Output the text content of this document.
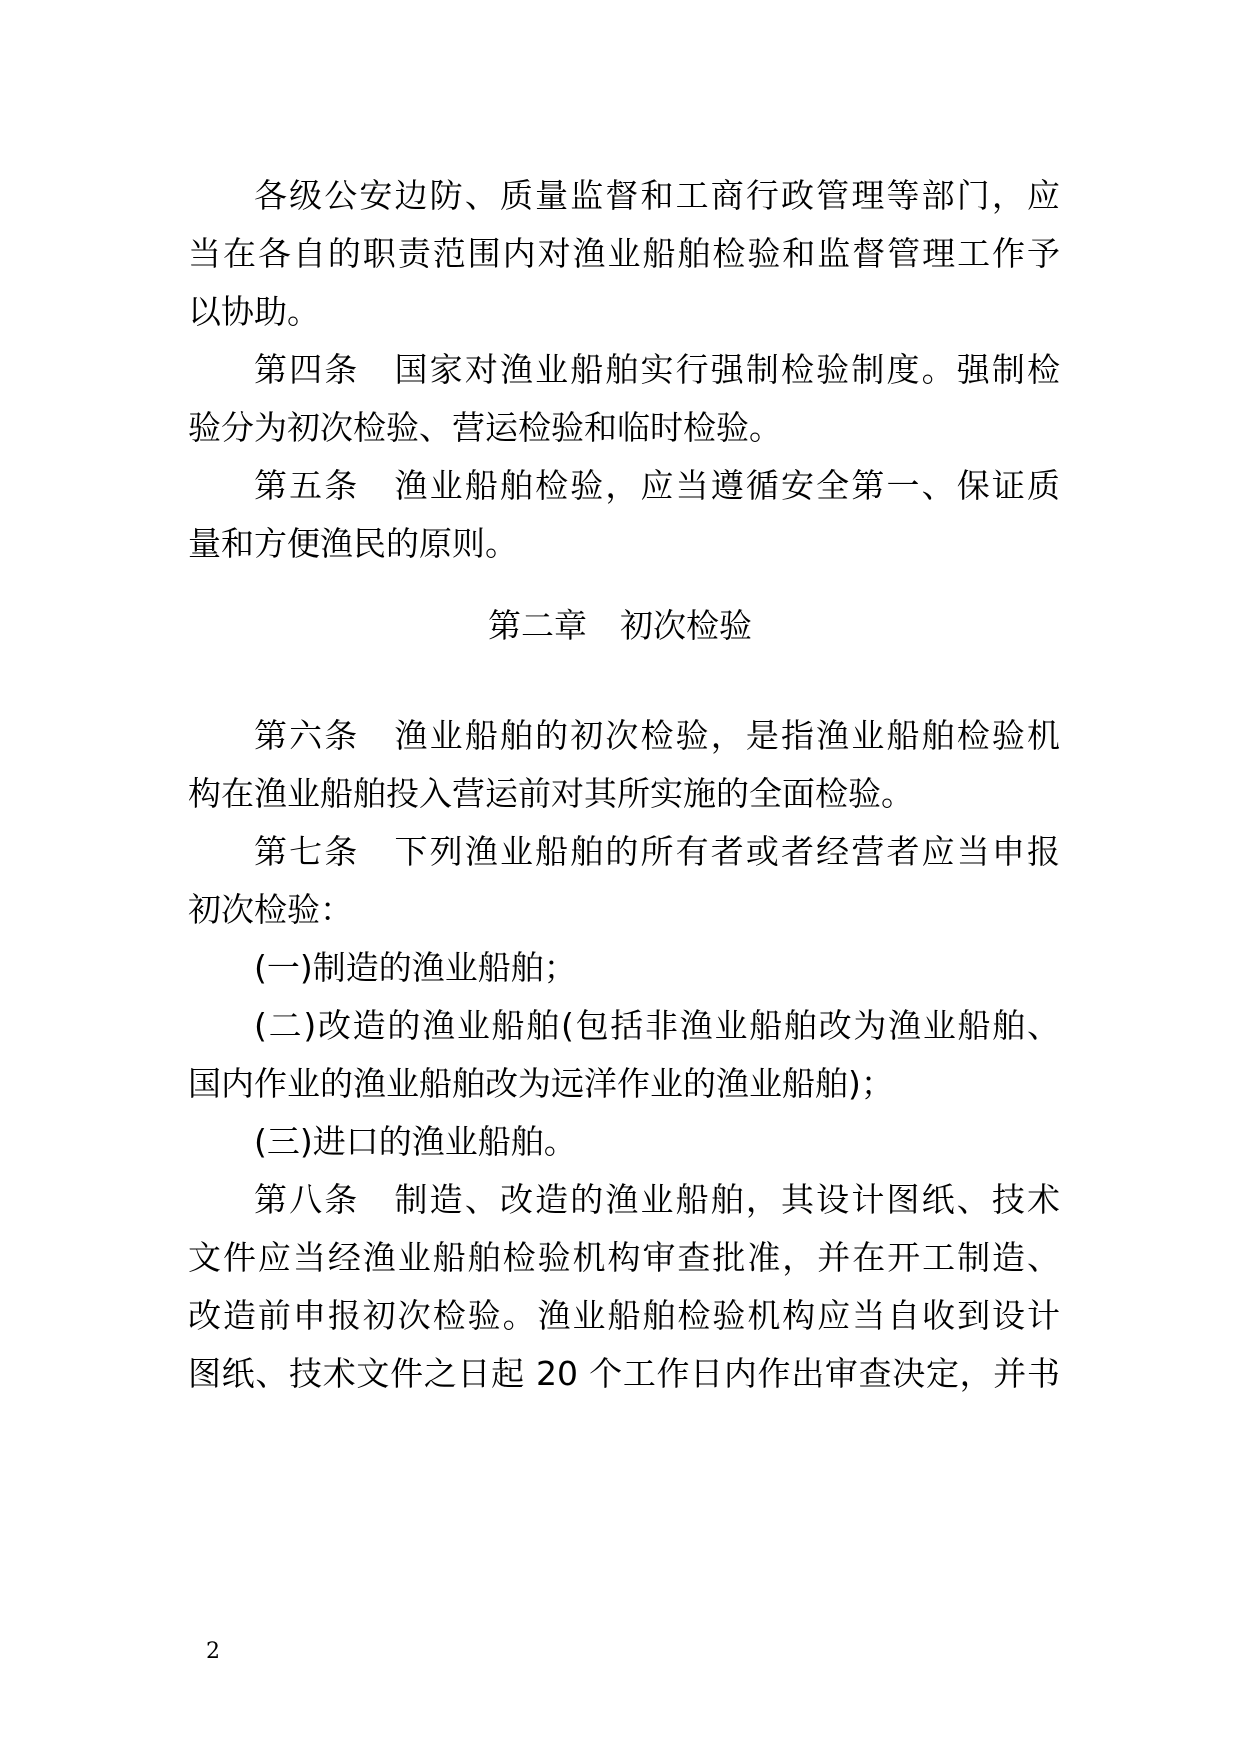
各级公安边防、质量监督和工商行政管理等部门，应
当在各自的职责范围内对渔业船舶检验和监督管理工作予
以协助。
第四条　国家对渔业船舶实行强制检验制度。强制检
验分为初次检验、营运检验和临时检验。
第五条　渔业船舶检验，应当遵循安全第一、保证质
量和方便渔民的原则。
第二章　初次检验
第六条　渔业船舶的初次检验，是指渔业船舶检验机
构在渔业船舶投入营运前对其所实施的全面检验。
第七条　下列渔业船舶的所有者或者经营者应当申报
初次检验：
(一)制造的渔业船舶；
(二)改造的渔业船舶(包括非渔业船舶改为渔业船舶、
国内作业的渔业船舶改为远洋作业的渔业船舶)；
(三)进口的渔业船舶。
第八条　制造、改造的渔业船舶，其设计图纸、技术
文件应当经渔业船舶检验机构审查批准，并在开工制造、
改造前申报初次检验。渔业船舶检验机构应当自收到设计
图纸、技术文件之日起 20 个工作日内作出审查决定，并书
2
